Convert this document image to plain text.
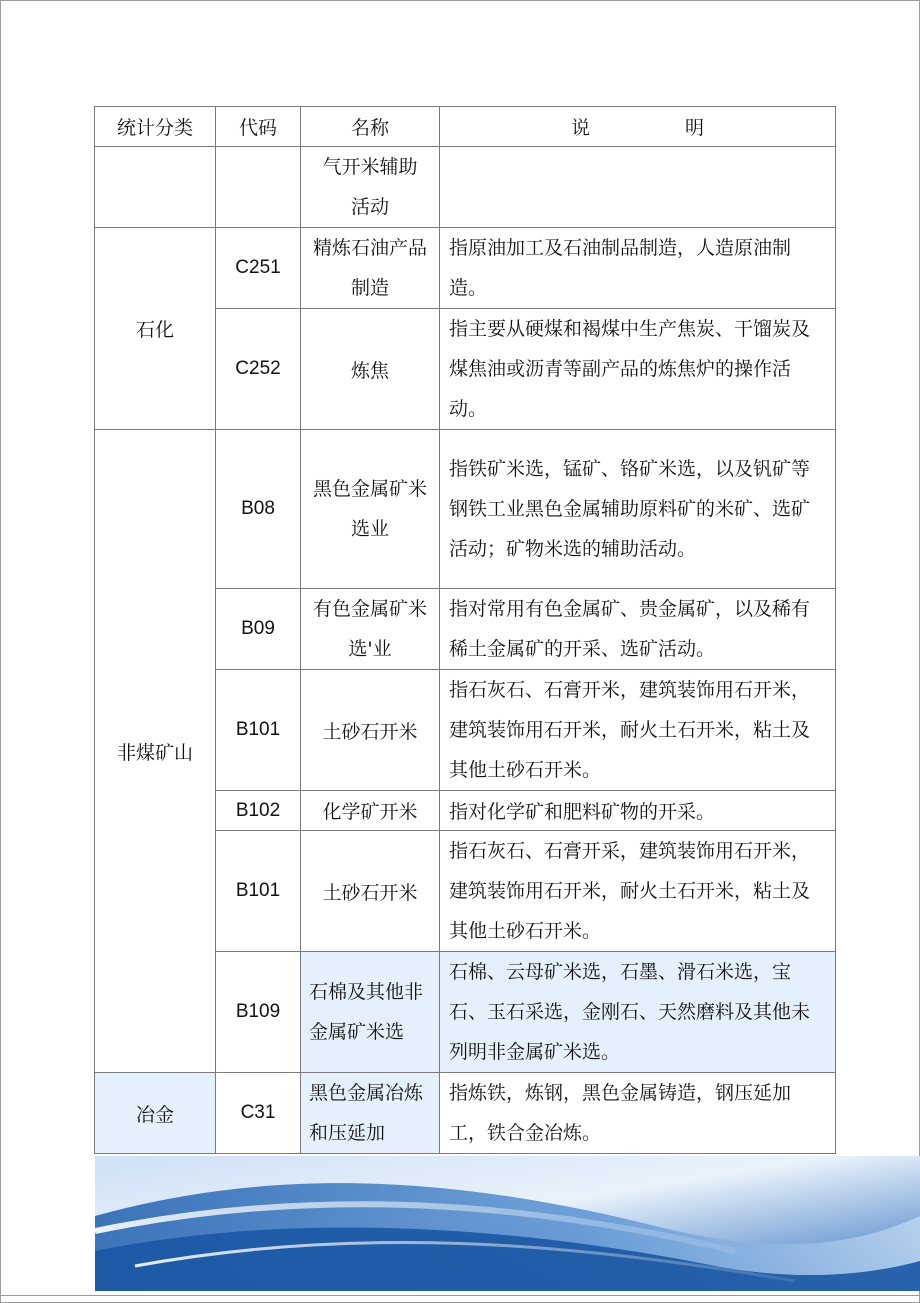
统计分类	代码	名称	说　　　　　明

		气开米辅助活动	

石化	C251	精炼石油产品制造	指原油加工及石油制品制造，人造原油制造。

	C252	炼焦	指主要从硬煤和褐煤中生产焦炭、干馏炭及煤焦油或沥青等副产品的炼焦炉的操作活动。

非煤矿山	B08	黑色金属矿米选业	指铁矿米选，锰矿、铬矿米选，以及钒矿等钢铁工业黑色金属辅助原料矿的米矿、选矿活动；矿物米选的辅助活动。

	B09	有色金属矿米选'业	指对常用有色金属矿、贵金属矿，以及稀有稀土金属矿的开采、选矿活动。

	B101	土砂石开米	指石灰石、石膏开米，建筑装饰用石开米，建筑装饰用石开米，耐火土石开米，粘土及其他土砂石开米。

	B102	化学矿开米	指对化学矿和肥料矿物的开采。
	B101	土砂石开米	指石灰石、石膏开采，建筑装饰用石开米，建筑装饰用石开米，耐火土石开米，粘土及其他土砂石开米。

	B109	石棉及其他非金属矿米选	石棉、云母矿米选，石墨、滑石米选，宝石、玉石采选，金刚石、天然磨料及其他未列明非金属矿米选。

冶金	C31	黑色金属冶炼和压延加	指炼铁，炼钢，黑色金属铸造，钢压延加工，铁合金冶炼。
